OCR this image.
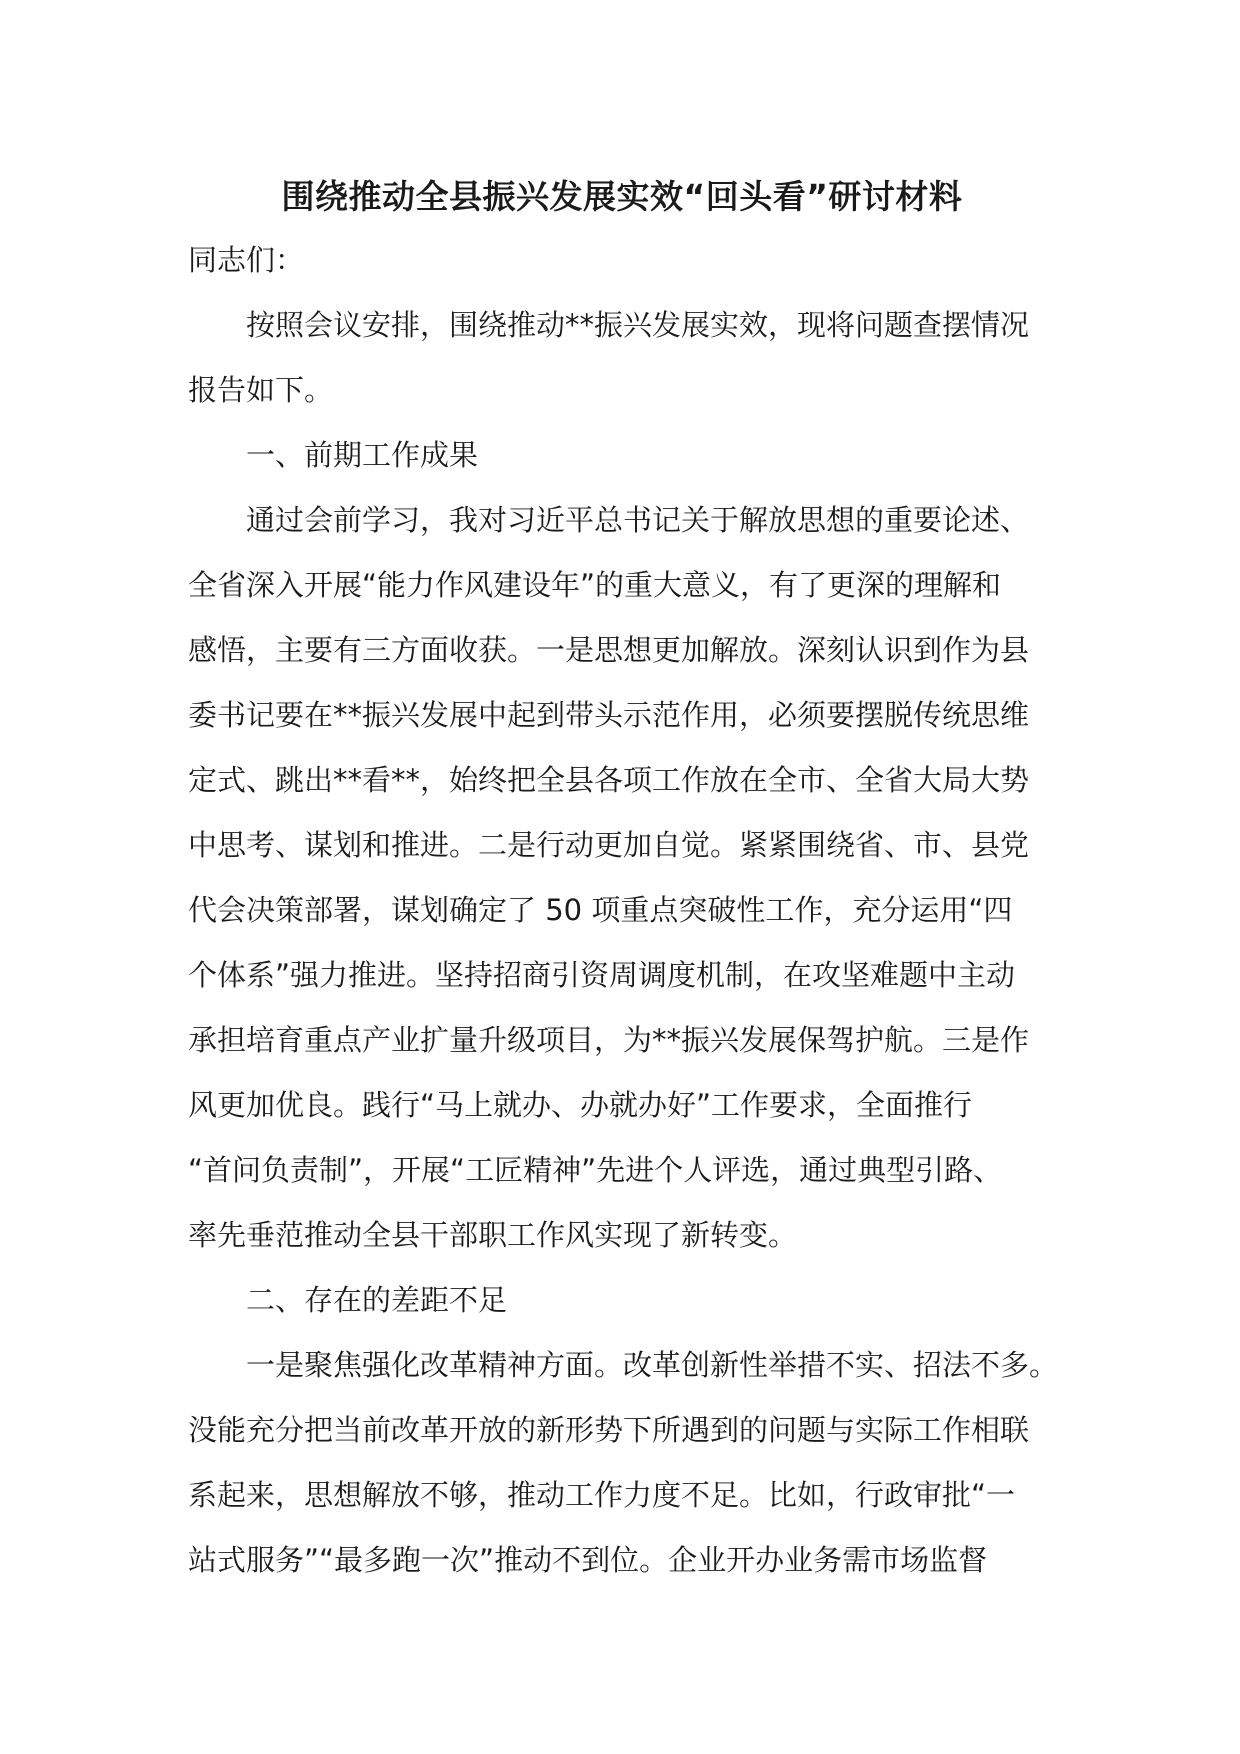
围绕推动全县振兴发展实效“回头看”研讨材料

同志们：

按照会议安排，围绕推动**振兴发展实效，现将问题查摆情况

报告如下。

一、前期工作成果

通过会前学习，我对习近平总书记关于解放思想的重要论述、

全省深入开展“能力作风建设年”的重大意义，有了更深的理解和

感悟，主要有三方面收获。一是思想更加解放。深刻认识到作为县

委书记要在**振兴发展中起到带头示范作用，必须要摆脱传统思维

定式、跳出**看**，始终把全县各项工作放在全市、全省大局大势

中思考、谋划和推进。二是行动更加自觉。紧紧围绕省、市、县党

代会决策部署，谋划确定了 50 项重点突破性工作，充分运用“四

个体系”强力推进。坚持招商引资周调度机制，在攻坚难题中主动

承担培育重点产业扩量升级项目，为**振兴发展保驾护航。三是作

风更加优良。践行“马上就办、办就办好”工作要求，全面推行

“首问负责制”，开展“工匠精神”先进个人评选，通过典型引路、

率先垂范推动全县干部职工作风实现了新转变。

二、存在的差距不足

一是聚焦强化改革精神方面。改革创新性举措不实、招法不多。

没能充分把当前改革开放的新形势下所遇到的问题与实际工作相联

系起来，思想解放不够，推动工作力度不足。比如，行政审批“一

站式服务”“最多跑一次”推动不到位。企业开办业务需市场监督
